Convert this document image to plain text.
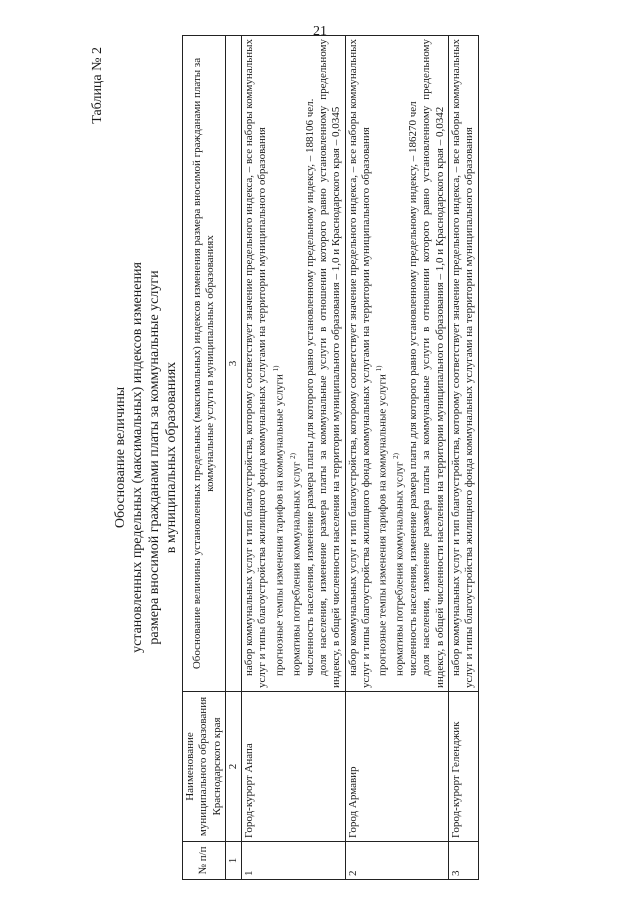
21
Таблица № 2
Обоснование величины установленных предельных (максимальных) индексов изменения размера вносимой гражданами платы за коммунальные услуги в муниципальных образованиях
№ п/п	Наименование муниципального образования Краснодарского края	Обоснование величины установленных предельных (максимальных) индексов изменения размера вносимой гражданами платы за коммунальные услуги в муниципальных образованиях
1	2	3
1	Город-курорт Анапа	набор коммунальных услуг и тип благоустройства, которому соответствует значение предельного индекса, – все наборы коммунальных услуг и типы благоустройства жилищного фонда коммунальных услугами на территории муниципального образования прогнозные темпы изменения тарифов на коммунальные услуги $^{1)}$

нормативы потребления коммунальных услуг $^{2)}$ численность населения, изменение размера платы для которого равно установленному предельному индексу, – 188106 чел. доля населения, изменение размера платы за коммунальные услуги в отношении которого равно установленному предельному индексу, в общей численности населения на территории муниципального образования – 1,0 и Краснодарского края – 0,0345

2	Город Армавир	набор коммунальных услуг и тип благоустройства, которому соответствует значение предельного индекса, – все наборы коммунальных услуг и типы благоустройства жилищного фонда коммунальных услугами на территории муниципального образования прогнозные темпы изменения тарифов на коммунальные услуги $^{1)}$

нормативы потребления коммунальных услуг $^{2)}$ численность населения, изменение размера платы для которого равно установленному предельному индексу, – 186270 чел доля населения, изменение размера платы за коммунальные услуги в отношении которого равно установленному предельному индексу, в общей численности населения на территории муниципального образования – 1,0 и Краснодарского края – 0,0342

3	Город-курорт Геленджик	набор коммунальных услуг и тип благоустройства, которому соответствует значение предельного индекса, – все наборы коммунальных услуг и типы благоустройства жилищного фонда коммунальных услугами на территории муниципального образования
